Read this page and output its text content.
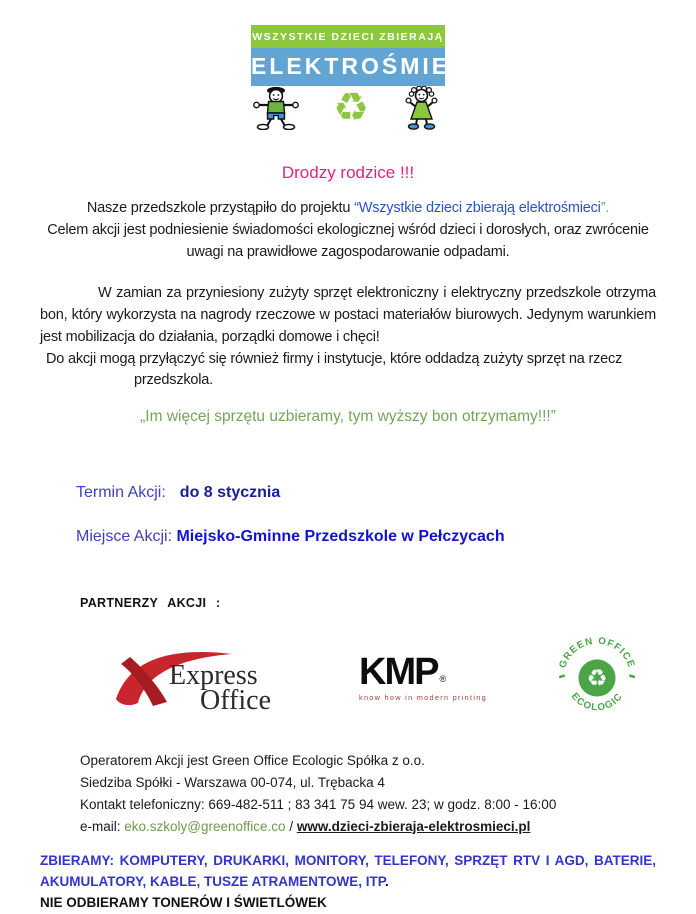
WSZYSTKIE DZIECI ZBIERAJĄ
ELEKTROŚMIECI
♻
Drodzy rodzice !!!

Nasze przedszkole przystąpiło do projektu “Wszystkie dzieci zbierają elektrośmieci”.
Celem akcji jest podniesienie świadomości ekologicznej wśród dzieci i dorosłych, oraz zwrócenie uwagi na prawidłowe zagospodarowanie odpadami.

W zamian za przyniesiony zużyty sprzęt elektroniczny i elektryczny przedszkole otrzyma bon, który wykorzysta na nagrody rzeczowe w postaci materiałów biurowych. Jedynym warunkiem jest mobilizacja do działania, porządki domowe i chęci!

Do akcji mogą przyłączyć się również firmy i instytucje, które oddadzą zużyty sprzęt na rzecz
przedszkola.

„Im więcej sprzętu uzbieramy, tym wyższy bon otrzymamy!!!”
Termin Akcji: do 8 stycznia
Miejsce Akcji: Miejsko-Gminne Przedszkole w Pełczycach
PARTNERZY AKCJI :
Express
Office
KMP ®
know how in modern printing
GREEN OFFICE
ECOLOGIC
♻
Operatorem Akcji jest Green Office Ecologic Spółka z o.o.
Siedziba Spółki - Warszawa 00-074, ul. Trębacka 4
Kontakt telefoniczny: 669-482-511 ; 83 341 75 94 wew. 23; w godz. 8:00 - 16:00
e-mail: eko.szkoly@greenoffice.co / www.dzieci-zbieraja-elektrosmieci.pl

ZBIERAMY: KOMPUTERY, DRUKARKI, MONITORY, TELEFONY, SPRZĘT RTV I AGD, BATERIE, AKUMULATORY, KABLE, TUSZE ATRAMENTOWE, ITP.

NIE ODBIERAMY TONERÓW I ŚWIETLÓWEK
